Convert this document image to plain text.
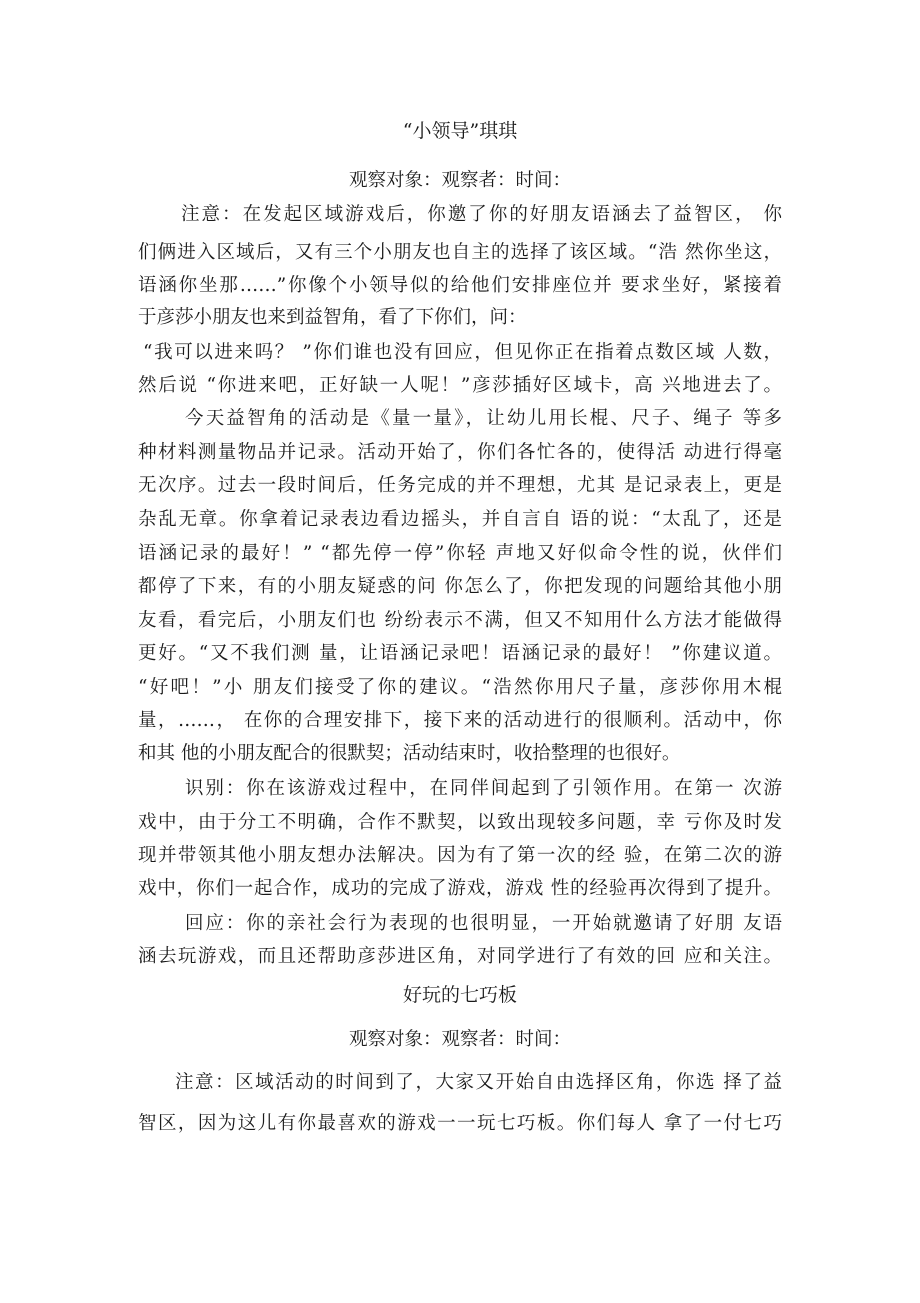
“小领导”琪琪
观察对象：观察者：时间：
注意：在发起区域游戏后，你邀了你的好朋友语涵去了益智区， 你
们俩进入区域后，又有三个小朋友也自主的选择了该区域。“浩 然你坐这，
语涵你坐那……”你像个小领导似的给他们安排座位并 要求坐好，紧接着
于彦莎小朋友也来到益智角，看了下你们，问：
“我可以进来吗？ ”你们谁也没有回应，但见你正在指着点数区域 人数，
然后说 “你进来吧，正好缺一人呢！”彦莎插好区域卡，高 兴地进去了。
今天益智角的活动是《量一量》，让幼儿用长棍、尺子、绳子 等多
种材料测量物品并记录。活动开始了，你们各忙各的，使得活 动进行得毫
无次序。过去一段时间后，任务完成的并不理想，尤其 是记录表上，更是
杂乱无章。你拿着记录表边看边摇头，并自言自 语的说：“太乱了，还是
语涵记录的最好！” “都先停一停”你轻 声地又好似命令性的说，伙伴们
都停了下来，有的小朋友疑惑的问 你怎么了，你把发现的问题给其他小朋
友看，看完后，小朋友们也 纷纷表示不满，但又不知用什么方法才能做得
更好。“又不我们测 量，让语涵记录吧！语涵记录的最好！ ”你建议道。
“好吧！”小 朋友们接受了你的建议。“浩然你用尺子量，彦莎你用木棍
量，……， 在你的合理安排下，接下来的活动进行的很顺利。活动中，你
和其 他的小朋友配合的很默契；活动结束时，收拾整理的也很好。
识别：你在该游戏过程中，在同伴间起到了引领作用。在第一 次游
戏中，由于分工不明确，合作不默契，以致出现较多问题，幸 亏你及时发
现并带领其他小朋友想办法解决。因为有了第一次的经 验，在第二次的游
戏中，你们一起合作，成功的完成了游戏，游戏 性的经验再次得到了提升。
回应：你的亲社会行为表现的也很明显，一开始就邀请了好朋 友语
涵去玩游戏，而且还帮助彦莎进区角，对同学进行了有效的回 应和关注。
好玩的七巧板
观察对象：观察者：时间：
注意：区域活动的时间到了，大家又开始自由选择区角，你选 择了益
智区，因为这儿有你最喜欢的游戏一一玩七巧板。你们每人 拿了一付七巧
